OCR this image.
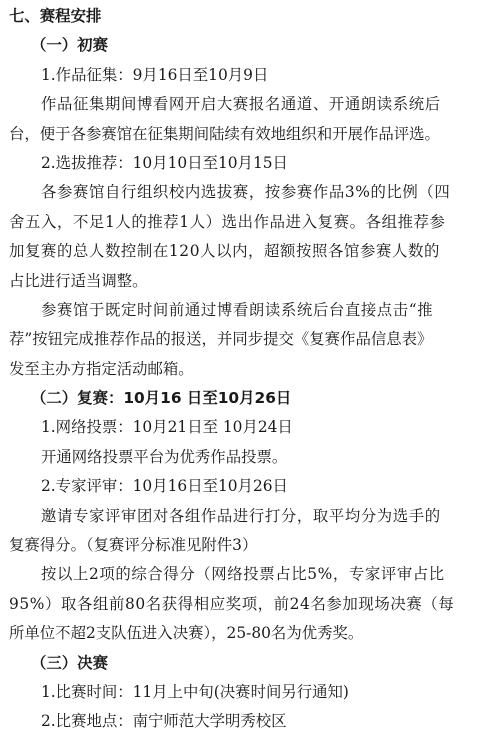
七、赛程安排
（一）初赛
1.作品征集：9月16日至10月9日
作品征集期间博看网开启大赛报名通道、开通朗读系统后
台，便于各参赛馆在征集期间陆续有效地组织和开展作品评选。
2.选拔推荐：10月10日至10月15日
各参赛馆自行组织校内选拔赛，按参赛作品3%的比例（四
舍五入，不足1人的推荐1人）选出作品进入复赛。各组推荐参
加复赛的总人数控制在120人以内，超额按照各馆参赛人数的
占比进行适当调整。
参赛馆于既定时间前通过博看朗读系统后台直接点击“推
荐”按钮完成推荐作品的报送，并同步提交《复赛作品信息表》
发至主办方指定活动邮箱。
（二）复赛：10月16 日至10月26日
1.网络投票：10月21日至 10月24日
开通网络投票平台为优秀作品投票。
2.专家评审：10月16日至10月26日
邀请专家评审团对各组作品进行打分，取平均分为选手的
复赛得分。（复赛评分标准见附件3）
按以上2项的综合得分（网络投票占比5%，专家评审占比
95%）取各组前80名获得相应奖项，前24名参加现场决赛（每
所单位不超2支队伍进入决赛），25-80名为优秀奖。
（三）决赛
1.比赛时间：11月上中旬(决赛时间另行通知)
2.比赛地点：南宁师范大学明秀校区
